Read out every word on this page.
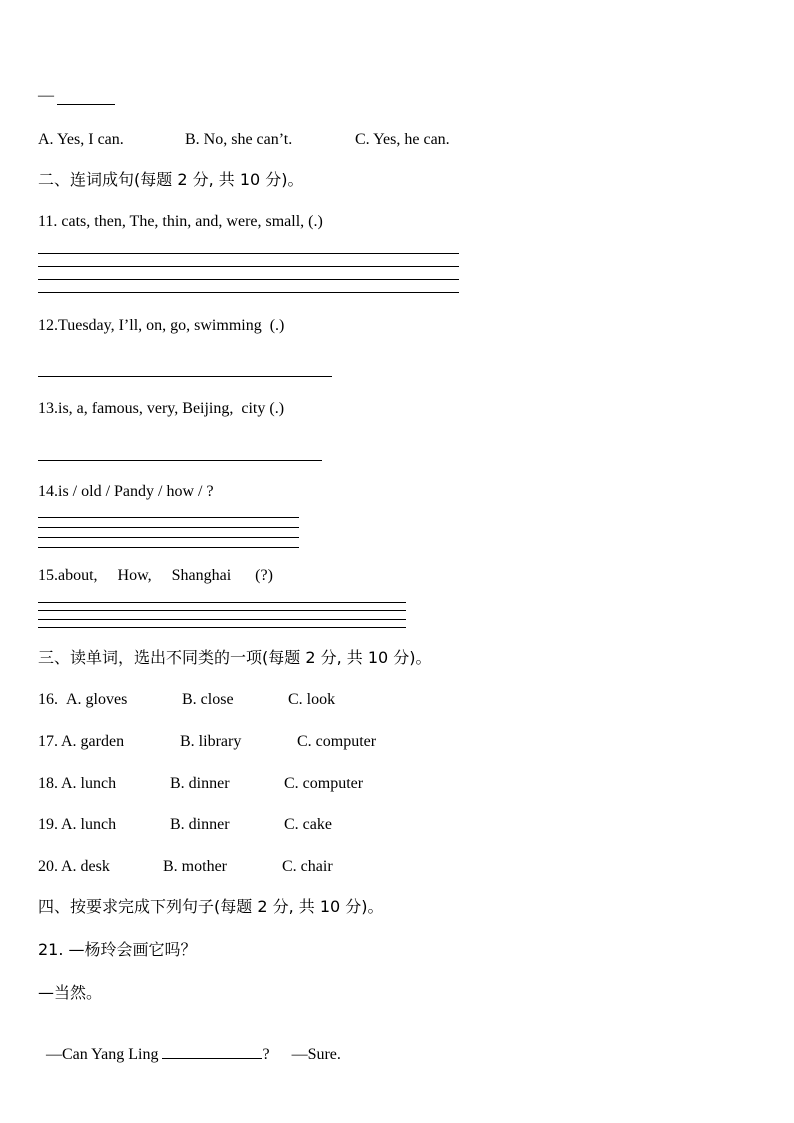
—
A. Yes, I can.	B. No, she can’t.	C. Yes, he can.
二、连词成句(每题 2 分, 共 10 分)。
11. cats, then, The, thin, and, were, small, (.)
12.Tuesday, I’ll, on, go, swimming  (.)
13.is, a, famous, very, Beijing,  city (.)
14.is / old / Pandy / how / ?
15.about,     How,     Shanghai      (?)
三、读单词，选出不同类的一项(每题 2 分, 共 10 分)。
16. A. gloves	B. close	C. look
17. A. garden	B. library	C. computer
18. A. lunch	B. dinner	C. computer
19. A. lunch	B. dinner	C. cake
20. A. desk	B. mother	C. chair
四、按要求完成下列句子(每题 2 分, 共 10 分)。
21. —杨玲会画它吗？
—当然。

—Can Yang Ling	? —Sure.
